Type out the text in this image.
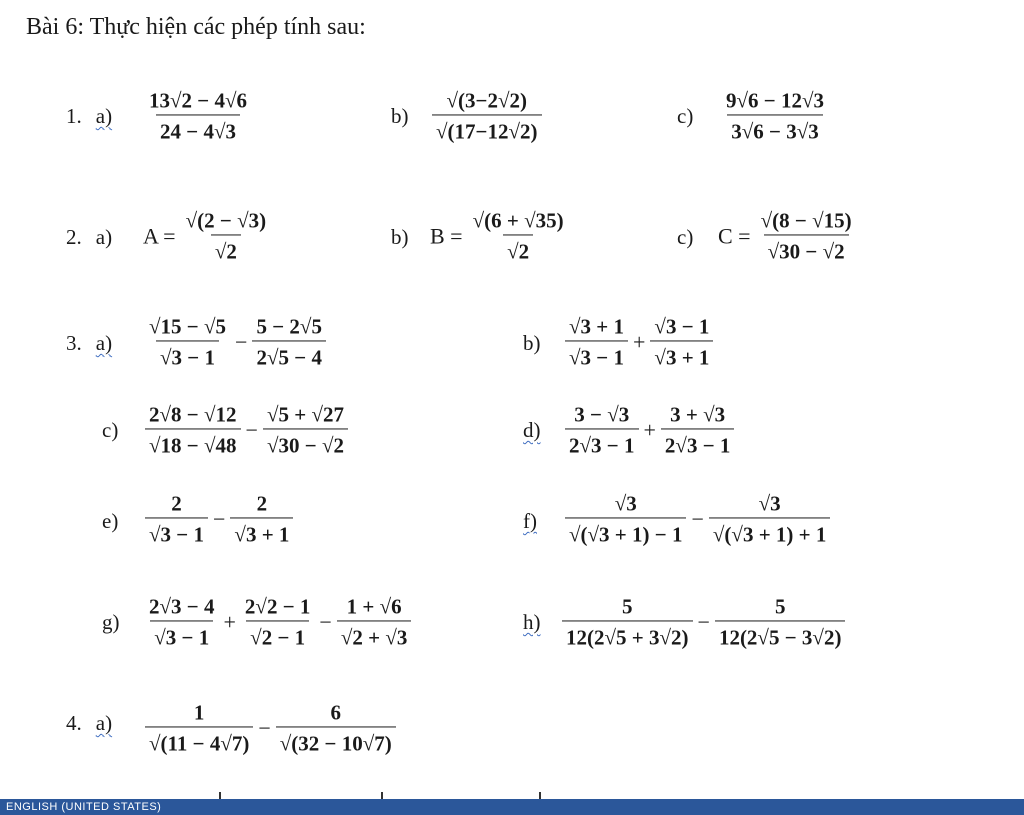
Bài 6: Thực hiện các phép tính sau:
1. $a) \frac{13√2 - 4√6}{24 - 4√3}$	$b) \frac{√(3-2√2)}{√(17-12√2)}$	$c) \frac{9√6 - 12√3}{3√6 - 3√3}$
2. a) $A = \frac{√(2 - √3)}{√2}$	b) $B = \frac{√(6 + √35)}{√2}$	c) $C = \frac{√(8 - √15)}{√30 - √2}$
3. $a) \frac{√15 - √5}{√3 - 1} - \frac{5 - 2√5}{2√5 - 4}$	$b) \frac{√3 + 1}{√3 - 1} + \frac{√3 - 1}{√3 + 1}$
$c) \frac{2√8 - √12}{√18 - √48} - \frac{√5 + √27}{√30 - √2}$	$d) \frac{3 - √3}{2√3 - 1} + \frac{3 + √3}{2√3 - 1}$
$e) \frac{2}{√3 - 1} - \frac{2}{√3 + 1}$	$f) \frac{√3}{√(√3 + 1) - 1} - \frac{√3}{√(√3 + 1) + 1}$
$g) \frac{2√3 - 4}{√3 - 1} + \frac{2√2 - 1}{√2 - 1} - \frac{1 + √6}{√2 + √3}$	$h) \frac{5}{12(2√5 + 3√2)} - \frac{5}{12(2√5 - 3√2)}$
4. $a) \frac{1}{√(11 - 4√7)} - \frac{6}{√(32 - 10√7)}$
ENGLISH (UNITED STATES)
